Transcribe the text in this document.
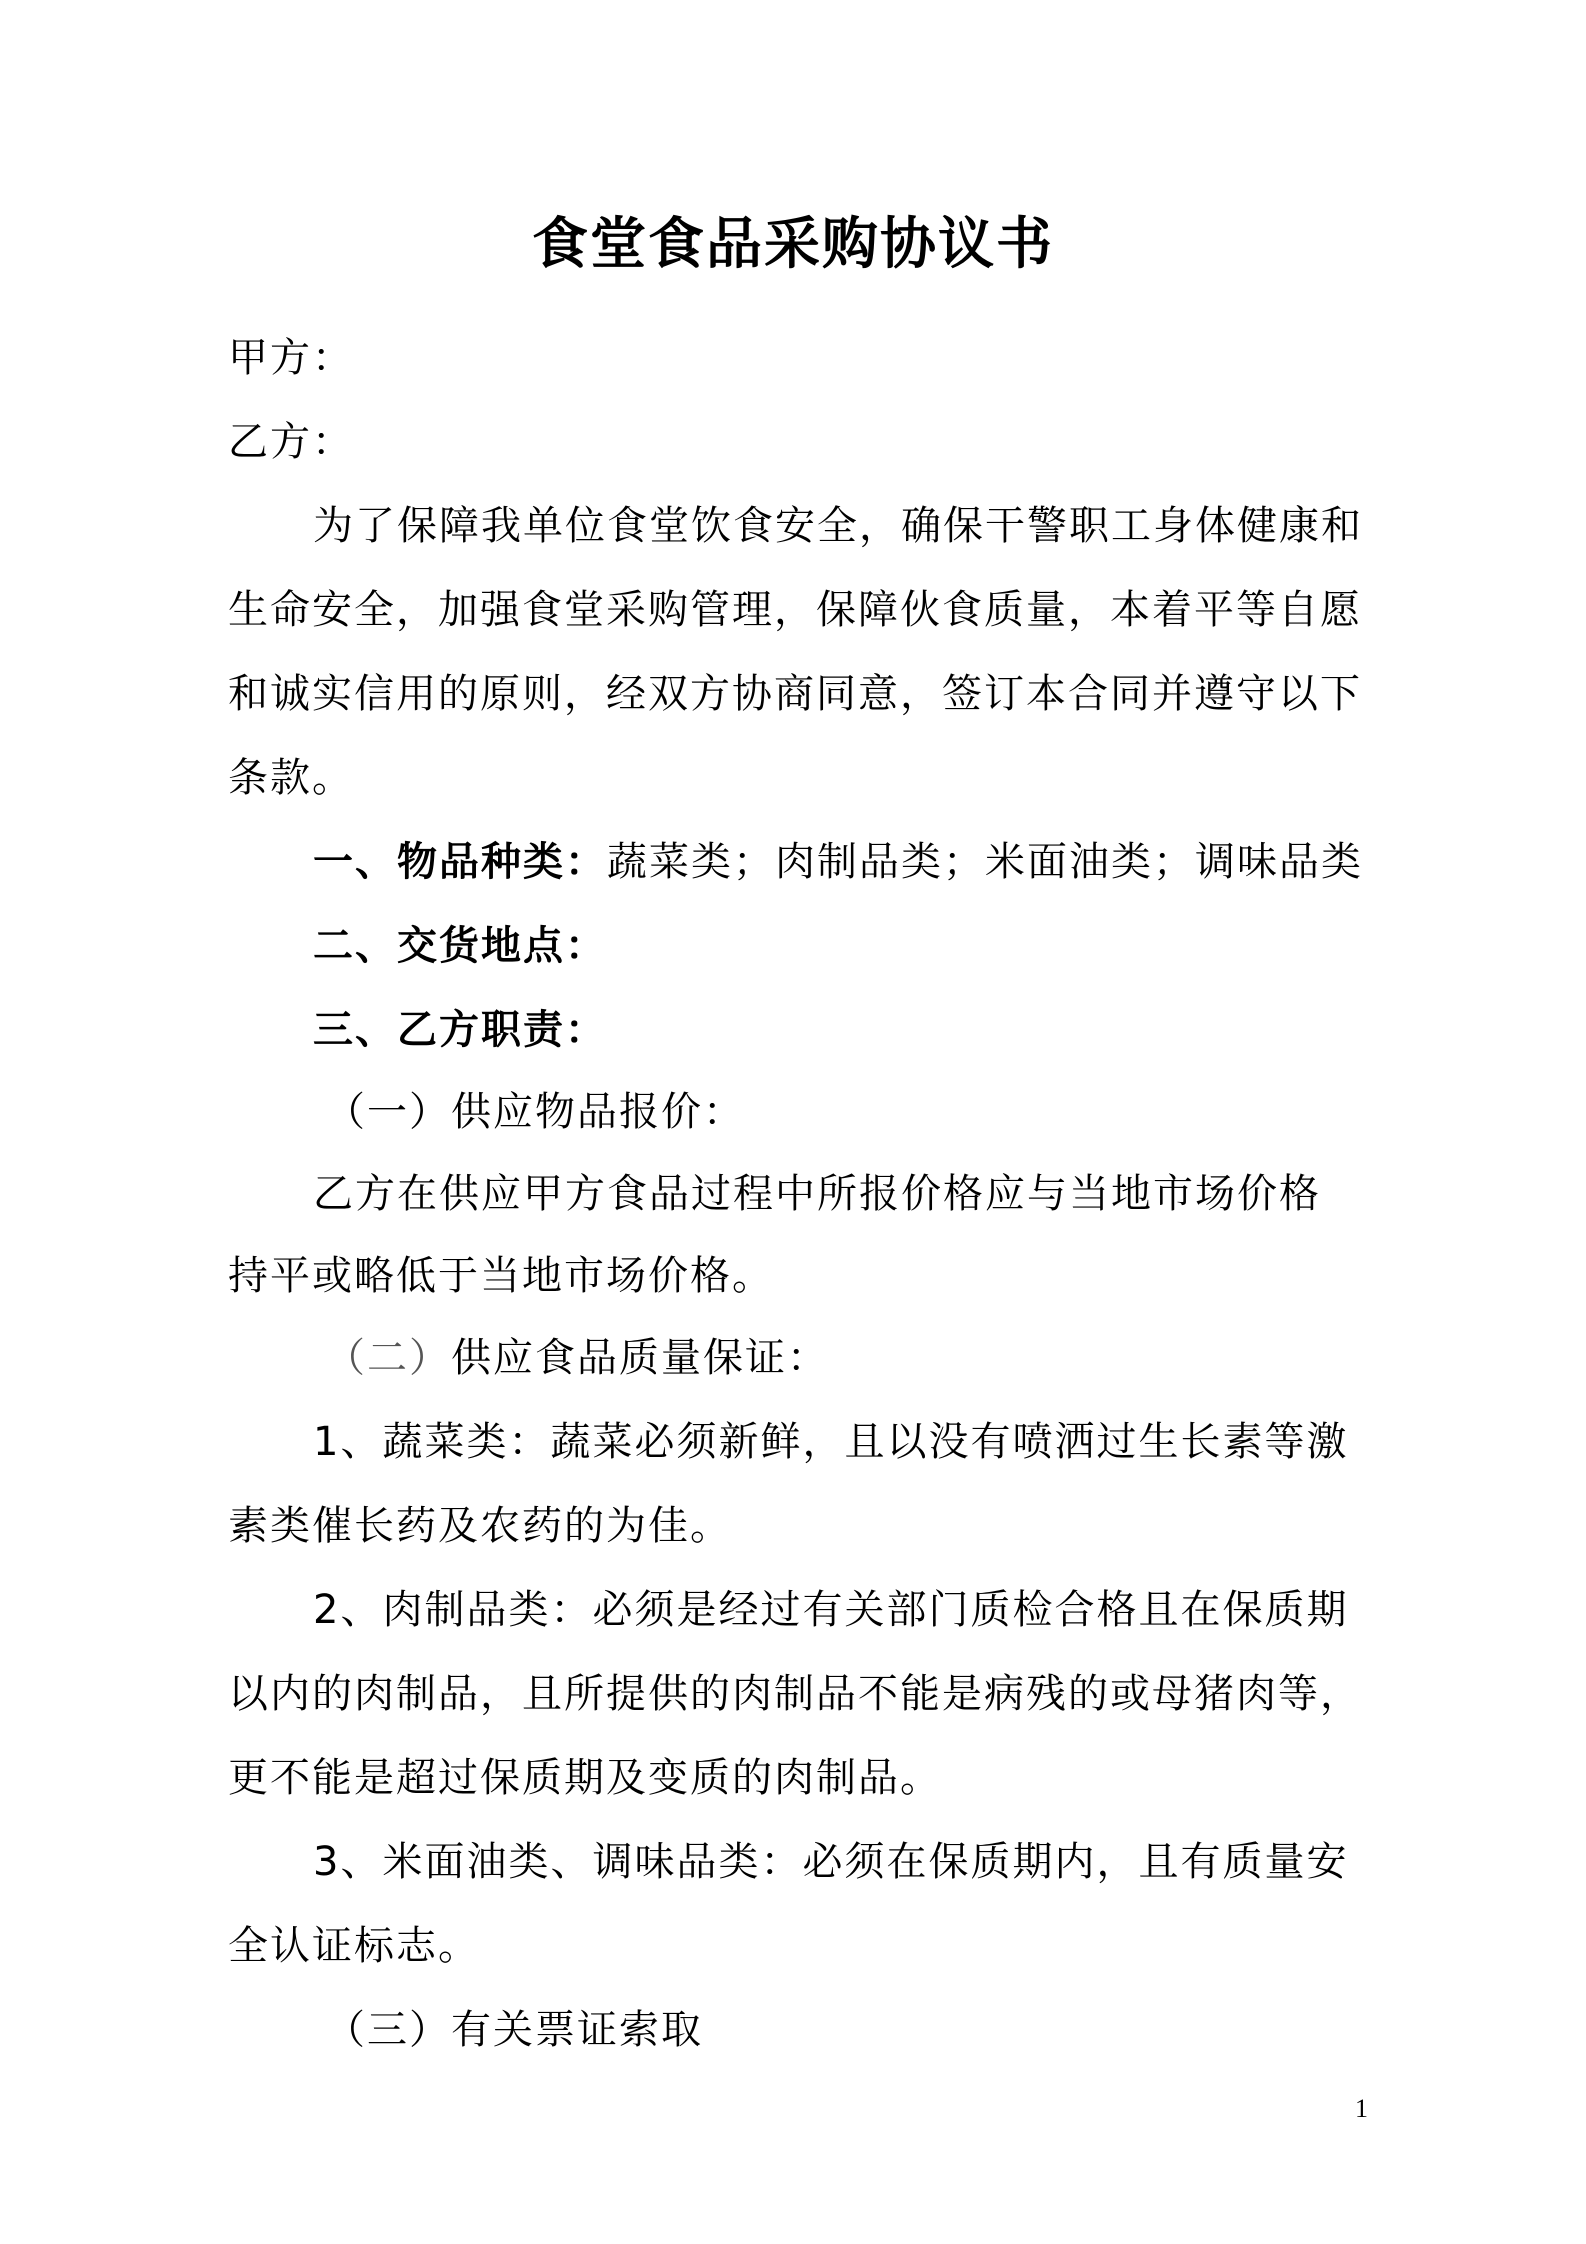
食堂食品采购协议书
甲方：
乙方：
为了保障我单位食堂饮食安全，确保干警职工身体健康和
生命安全，加强食堂采购管理，保障伙食质量，本着平等自愿
和诚实信用的原则，经双方协商同意，签订本合同并遵守以下
条款。
一、物品种类：蔬菜类；肉制品类；米面油类；调味品类
二、交货地点：
三、乙方职责：
（一）供应物品报价：
乙方在供应甲方食品过程中所报价格应与当地市场价格
持平或略低于当地市场价格。
（二）供应食品质量保证：
1、蔬菜类：蔬菜必须新鲜，且以没有喷洒过生长素等激
素类催长药及农药的为佳。
2、肉制品类：必须是经过有关部门质检合格且在保质期
以内的肉制品，且所提供的肉制品不能是病残的或母猪肉等，
更不能是超过保质期及变质的肉制品。
3、米面油类、调味品类：必须在保质期内，且有质量安
全认证标志。
（三）有关票证索取
1
